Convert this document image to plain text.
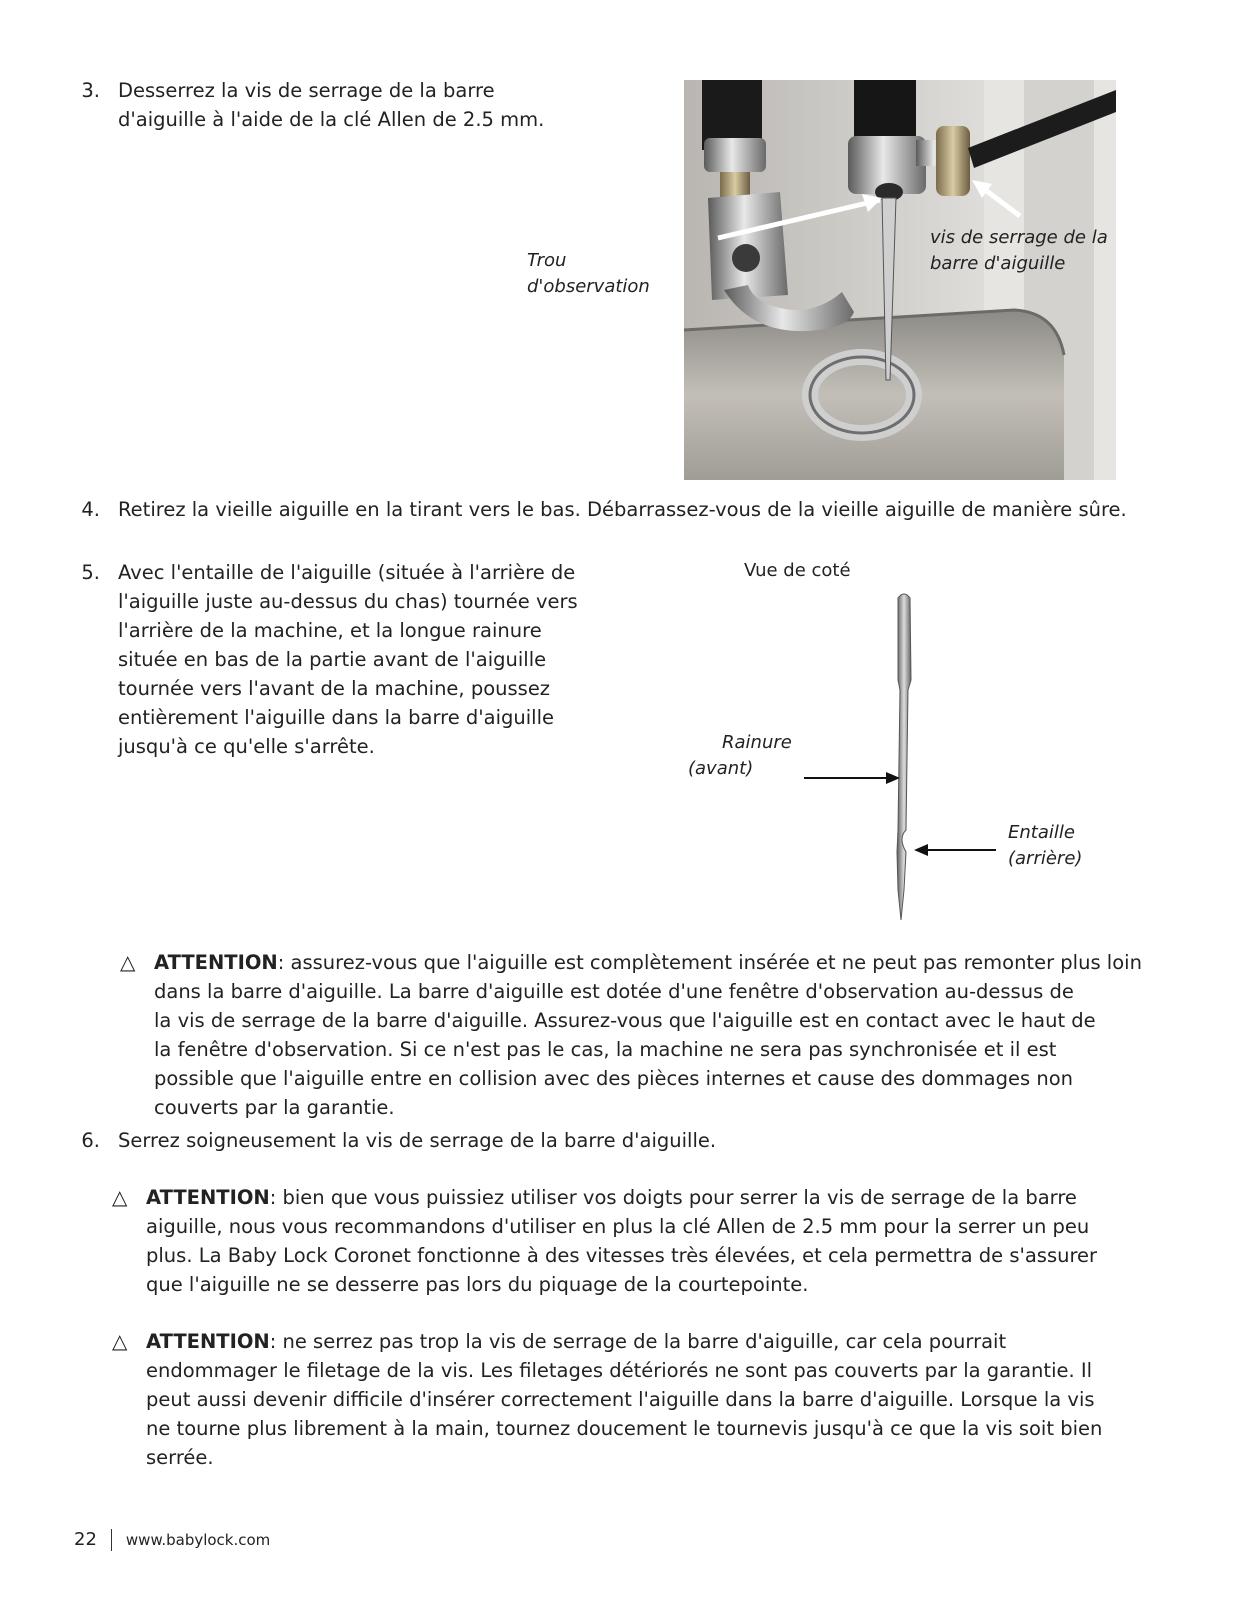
3. Desserrez la vis de serrage de la barre
d'aiguille à l'aide de la clé Allen de 2.5 mm.
Trou
d'observation
vis de serrage de la
barre d'aiguille
4. Retirez la vieille aiguille en la tirant vers le bas. Débarrassez-vous de la vieille aiguille de manière sûre.
5. Avec l'entaille de l'aiguille (située à l'arrière de
l'aiguille juste au-dessus du chas) tournée vers
l'arrière de la machine, et la longue rainure
située en bas de la partie avant de l'aiguille
tournée vers l'avant de la machine, poussez
entièrement l'aiguille dans la barre d'aiguille
jusqu'à ce qu'elle s'arrête.
Vue de coté
Rainure
(avant)
Entaille
(arrière)
△ ATTENTION: assurez-vous que l'aiguille est complètement insérée et ne peut pas remonter plus loin
dans la barre d'aiguille. La barre d'aiguille est dotée d'une fenêtre d'observation au-dessus de
la vis de serrage de la barre d'aiguille. Assurez-vous que l'aiguille est en contact avec le haut de
la fenêtre d'observation. Si ce n'est pas le cas, la machine ne sera pas synchronisée et il est
possible que l'aiguille entre en collision avec des pièces internes et cause des dommages non
couverts par la garantie.
6. Serrez soigneusement la vis de serrage de la barre d'aiguille.
△ ATTENTION: bien que vous puissiez utiliser vos doigts pour serrer la vis de serrage de la barre
aiguille, nous vous recommandons d'utiliser en plus la clé Allen de 2.5 mm pour la serrer un peu
plus. La Baby Lock Coronet fonctionne à des vitesses très élevées, et cela permettra de s'assurer
que l'aiguille ne se desserre pas lors du piquage de la courtepointe.
△ ATTENTION: ne serrez pas trop la vis de serrage de la barre d'aiguille, car cela pourrait
endommager le filetage de la vis. Les filetages détériorés ne sont pas couverts par la garantie. Il
peut aussi devenir difficile d'insérer correctement l'aiguille dans la barre d'aiguille. Lorsque la vis
ne tourne plus librement à la main, tournez doucement le tournevis jusqu'à ce que la vis soit bien
serrée.
22 www.babylock.com
